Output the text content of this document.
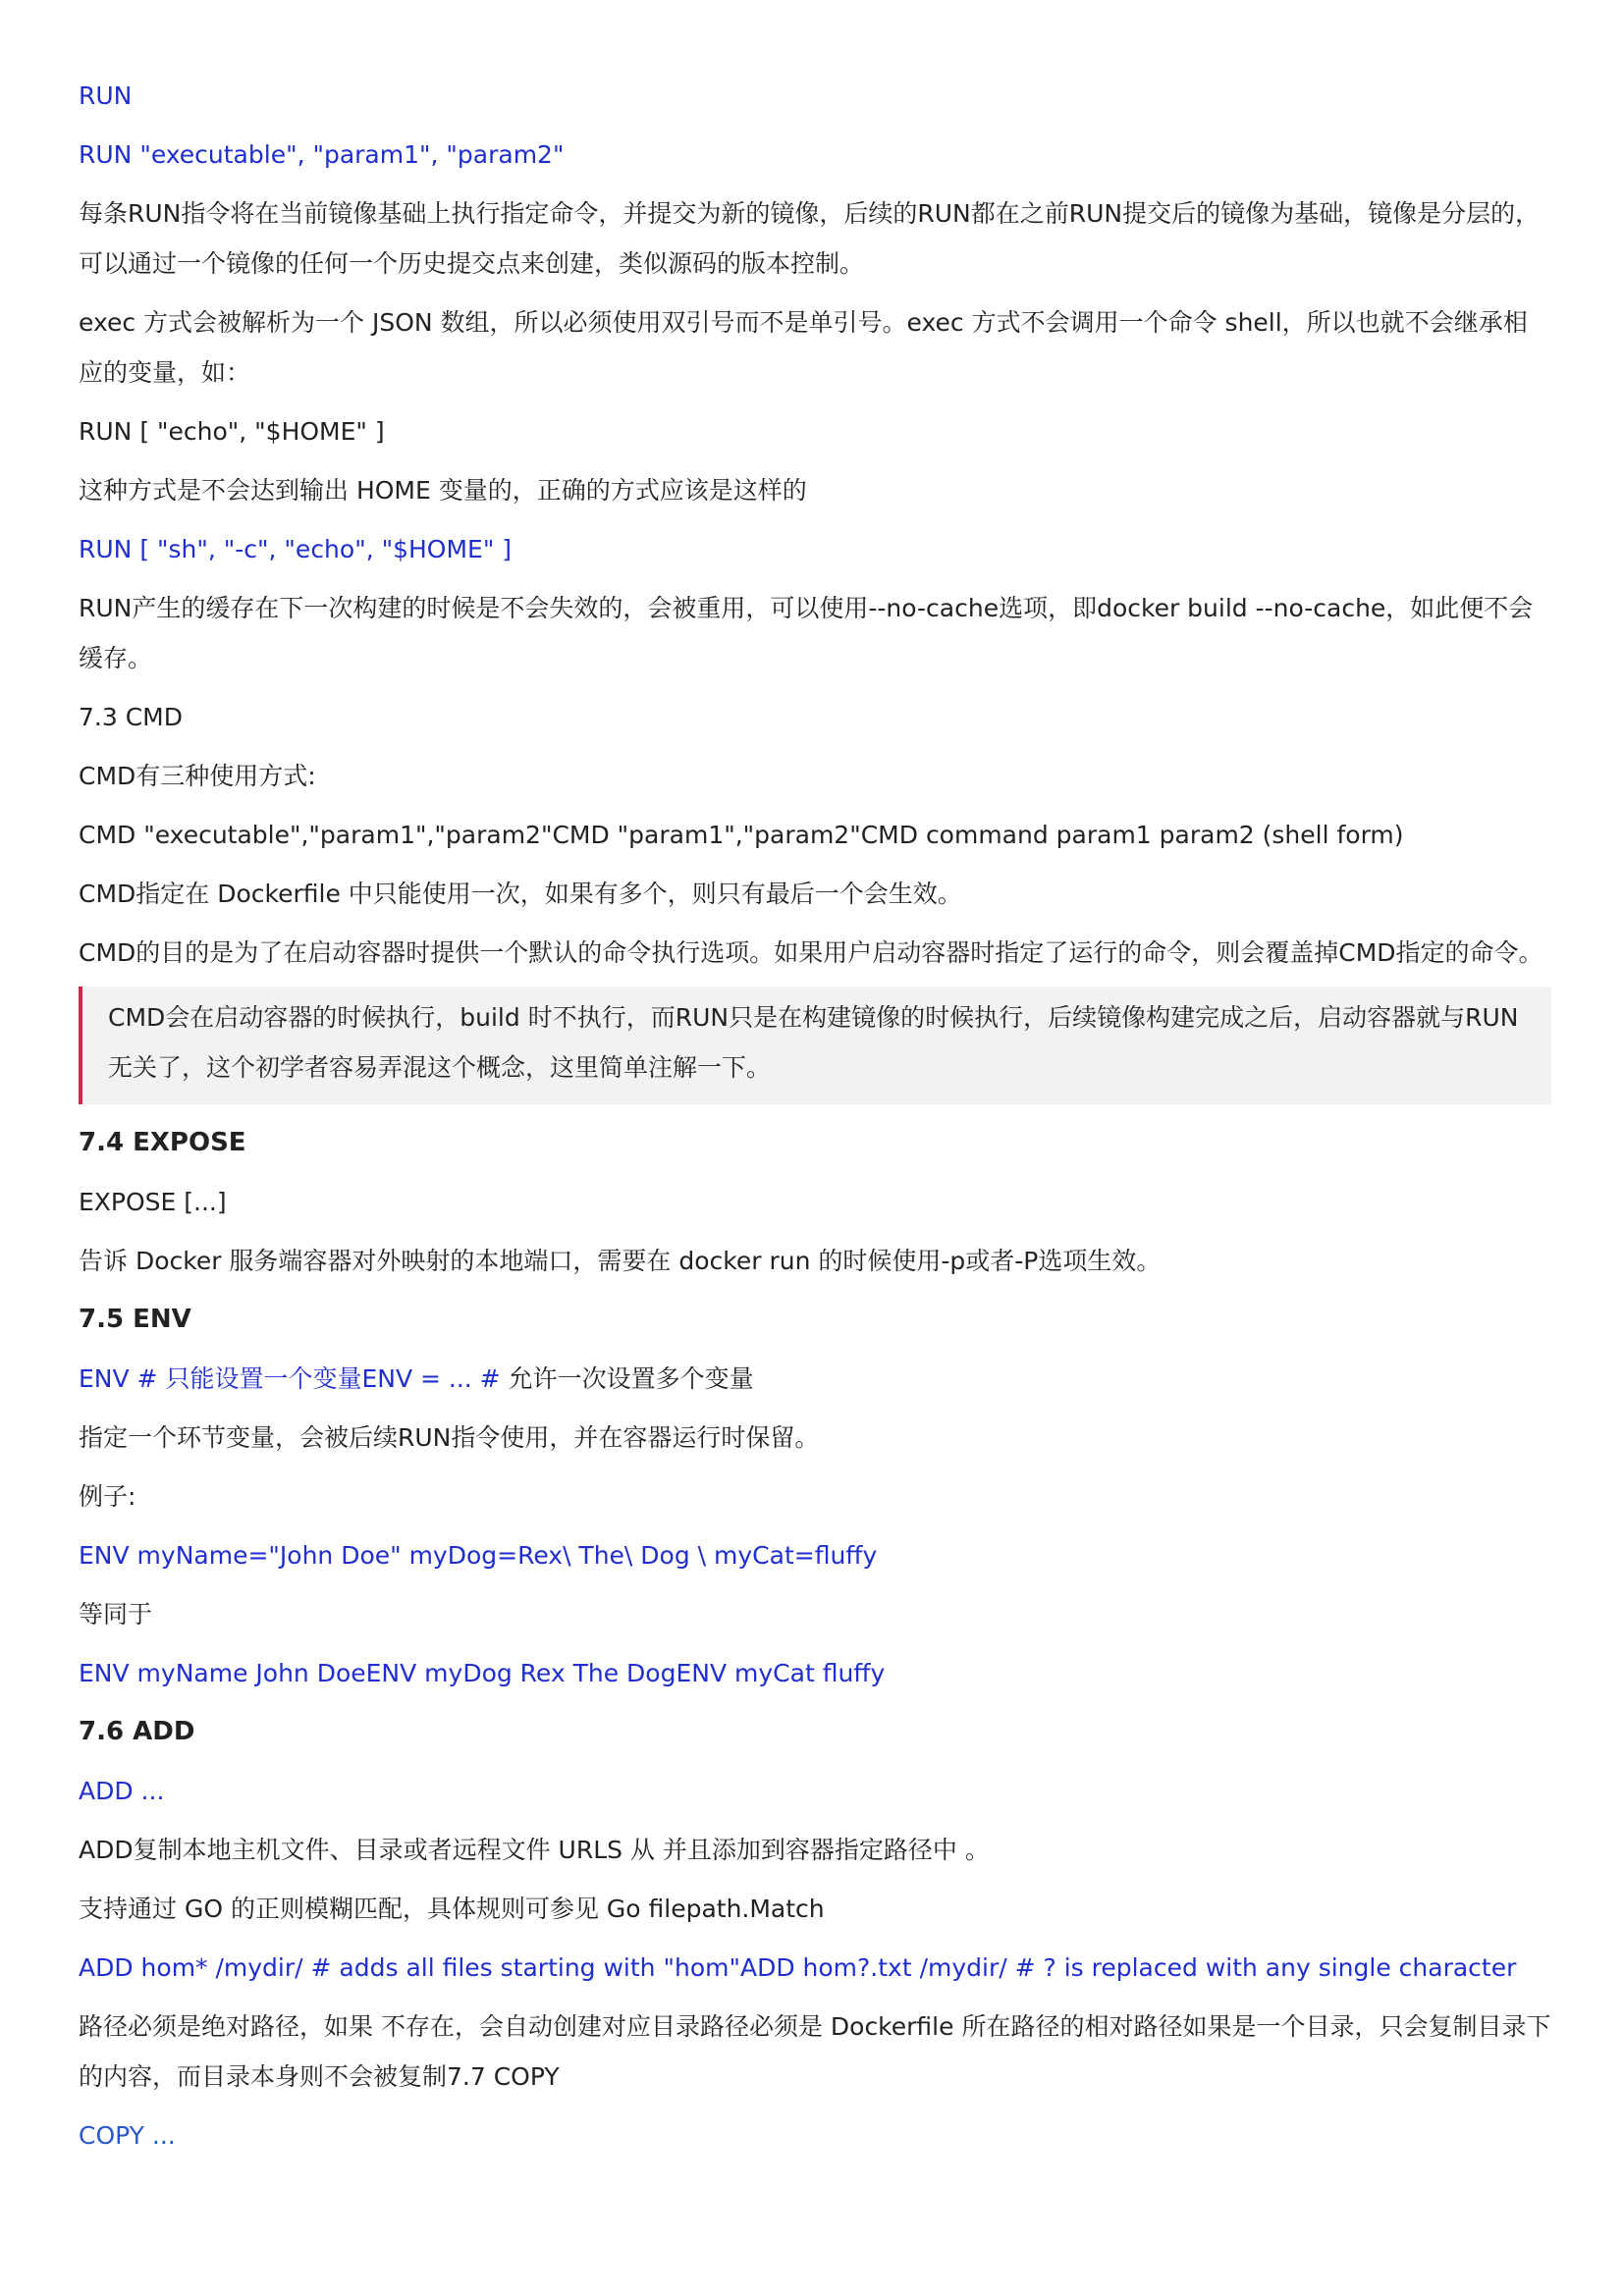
RUN
RUN "executable", "param1", "param2"
每条RUN指令将在当前镜像基础上执行指定命令，并提交为新的镜像，后续的RUN都在之前RUN提交后的镜像为基础，镜像是分层的，可以通过一个镜像的任何一个历史提交点来创建，类似源码的版本控制。
exec 方式会被解析为一个 JSON 数组，所以必须使用双引号而不是单引号。exec 方式不会调用一个命令 shell，所以也就不会继承相应的变量，如：
RUN [ "echo", "$HOME" ]
这种方式是不会达到输出 HOME 变量的，正确的方式应该是这样的
RUN [ "sh", "-c", "echo", "$HOME" ]
RUN产生的缓存在下一次构建的时候是不会失效的，会被重用，可以使用--no-cache选项，即docker build --no-cache，如此便不会缓存。
7.3 CMD
CMD有三种使用方式:
CMD "executable","param1","param2"CMD "param1","param2"CMD command param1 param2 (shell form)
CMD指定在 Dockerfile 中只能使用一次，如果有多个，则只有最后一个会生效。
CMD的目的是为了在启动容器时提供一个默认的命令执行选项。如果用户启动容器时指定了运行的命令，则会覆盖掉CMD指定的命令。
CMD会在启动容器的时候执行，build 时不执行，而RUN只是在构建镜像的时候执行，后续镜像构建完成之后，启动容器就与RUN无关了，这个初学者容易弄混这个概念，这里简单注解一下。
7.4 EXPOSE
EXPOSE [...]
告诉 Docker 服务端容器对外映射的本地端口，需要在 docker run 的时候使用-p或者-P选项生效。
7.5 ENV
ENV # 只能设置一个变量ENV = ... # 允许一次设置多个变量
指定一个环节变量，会被后续RUN指令使用，并在容器运行时保留。
例子:
ENV myName="John Doe" myDog=Rex\ The\ Dog \ myCat=fluffy
等同于
ENV myName John DoeENV myDog Rex The DogENV myCat fluffy
7.6 ADD
ADD ...
ADD复制本地主机文件、目录或者远程文件 URLS 从 并且添加到容器指定路径中 。
支持通过 GO 的正则模糊匹配，具体规则可参见 Go filepath.Match
ADD hom* /mydir/ # adds all files starting with "hom"ADD hom?.txt /mydir/ # ? is replaced with any single character
路径必须是绝对路径，如果 不存在，会自动创建对应目录路径必须是 Dockerfile 所在路径的相对路径如果是一个目录，只会复制目录下的内容，而目录本身则不会被复制7.7 COPY
COPY ...
